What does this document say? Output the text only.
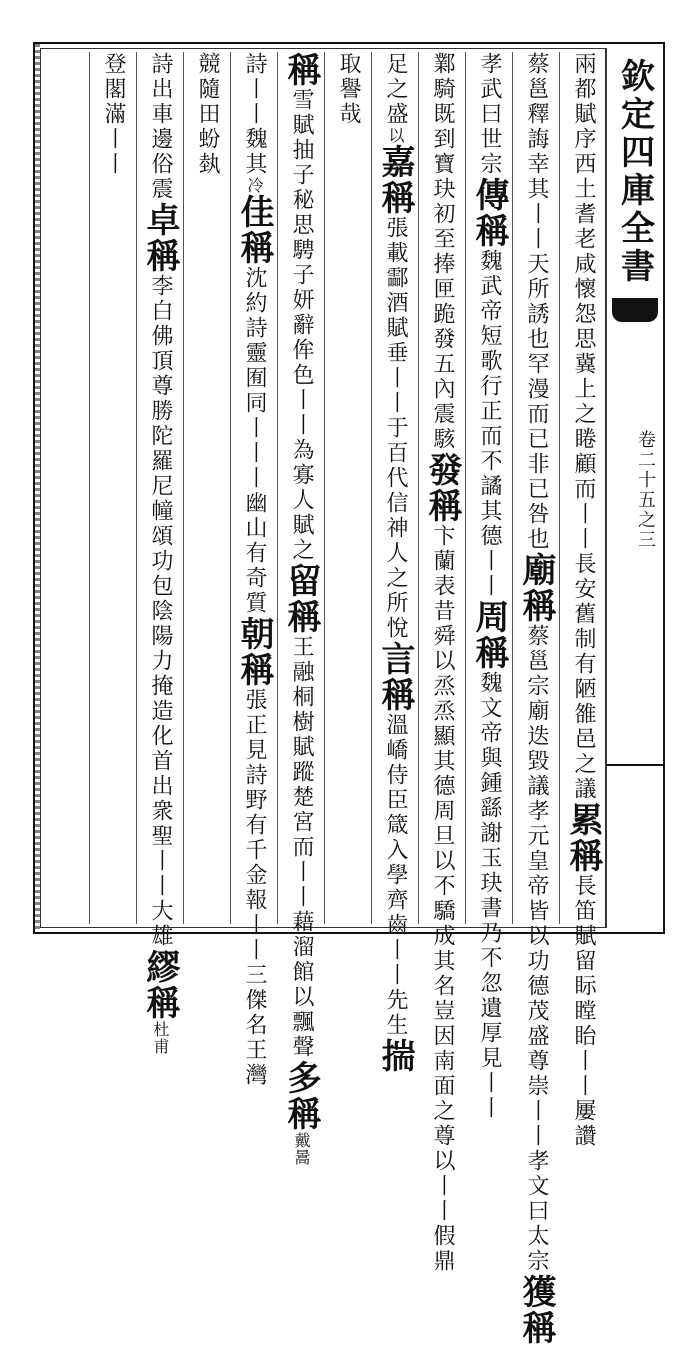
兩都賦序西土耆老咸懷怨思冀上之睠顧而丨丨長安舊制有陋雒邑之議累稱長笛賦留眎瞠眙丨丨屢讚
蔡邕釋誨幸其丨丨天所誘也罕漫而已非已咎也廟稱蔡邕宗廟迭毀議孝元皇帝皆以功德茂盛尊崇丨丨孝文曰太宗獲稱
孝武曰世宗傳稱魏武帝短歌行正而不譎其德丨丨周稱魏文帝與鍾繇謝玉玦書乃不忽遺厚見丨丨
鄴騎既到寶玦初至捧匣跪發五內震駭發稱卞蘭表昔舜以烝烝顯其德周旦以不驕成其名豈因南面之尊以丨丨假鼎
足之盛以嘉稱張載酃酒賦垂丨丨于百代信神人之所悅言稱溫嶠侍臣箴入學齊齒丨丨先生揣
取譽哉
稱雪賦抽子秘思騁子妍辭侔色丨丨為寡人賦之留稱王融桐樹賦蹤楚宮而丨丨藉溜館以飄聲多稱戴暠
詩丨丨魏其冷佳稱沈約詩靈囿同丨丨丨幽山有奇質朝稱張正見詩野有千金報丨丨三傑名王灣
競隨田蚡埶
詩出車邊俗震卓稱李白佛頂尊勝陀羅尼幢頌功包陰陽力掩造化首出衆聖丨丨大雄繆稱杜甫
登閣滿丨丨	欽定四庫全書
卷二十五之三
